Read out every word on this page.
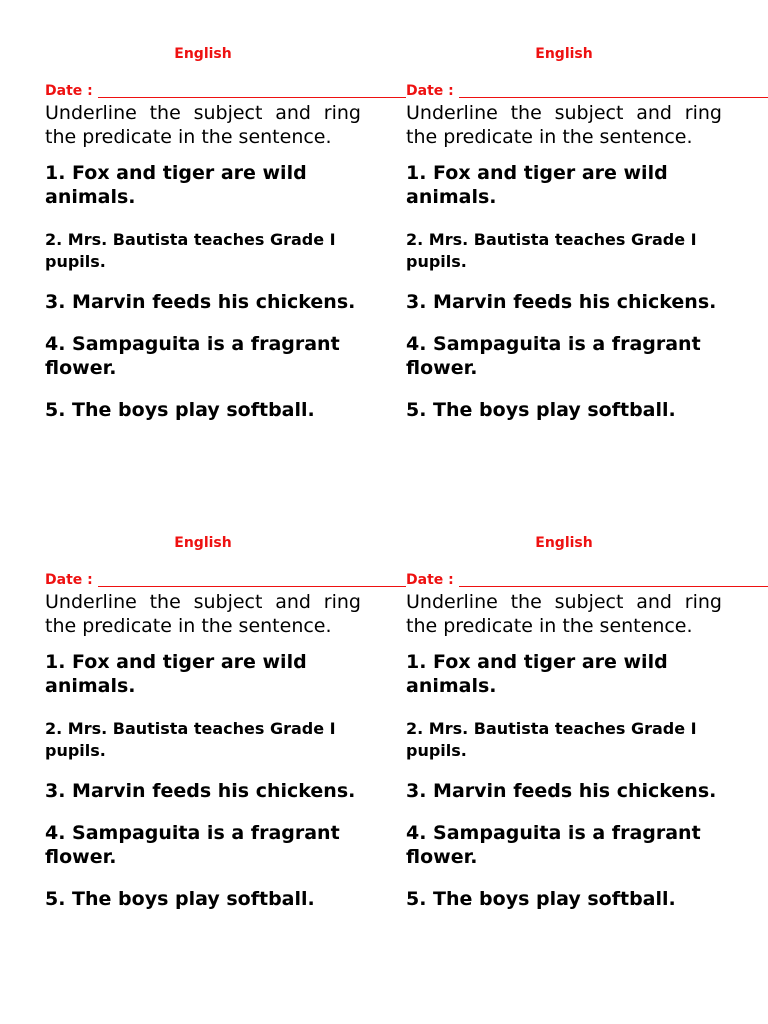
English
Date :
Underline the subject and ring the predicate in the sentence.
1. Fox and tiger are wild animals.
2. Mrs. Bautista teaches Grade I pupils.
3. Marvin feeds his chickens.
4. Sampaguita is a fragrant flower.
5. The boys play softball.
English
Date :
Underline the subject and ring the predicate in the sentence.
1. Fox and tiger are wild animals.
2. Mrs. Bautista teaches Grade I pupils.
3. Marvin feeds his chickens.
4. Sampaguita is a fragrant flower.
5. The boys play softball.
English
Date :
Underline the subject and ring the predicate in the sentence.
1. Fox and tiger are wild animals.
2. Mrs. Bautista teaches Grade I pupils.
3. Marvin feeds his chickens.
4. Sampaguita is a fragrant flower.
5. The boys play softball.
English
Date :
Underline the subject and ring the predicate in the sentence.
1. Fox and tiger are wild animals.
2. Mrs. Bautista teaches Grade I pupils.
3. Marvin feeds his chickens.
4. Sampaguita is a fragrant flower.
5. The boys play softball.
